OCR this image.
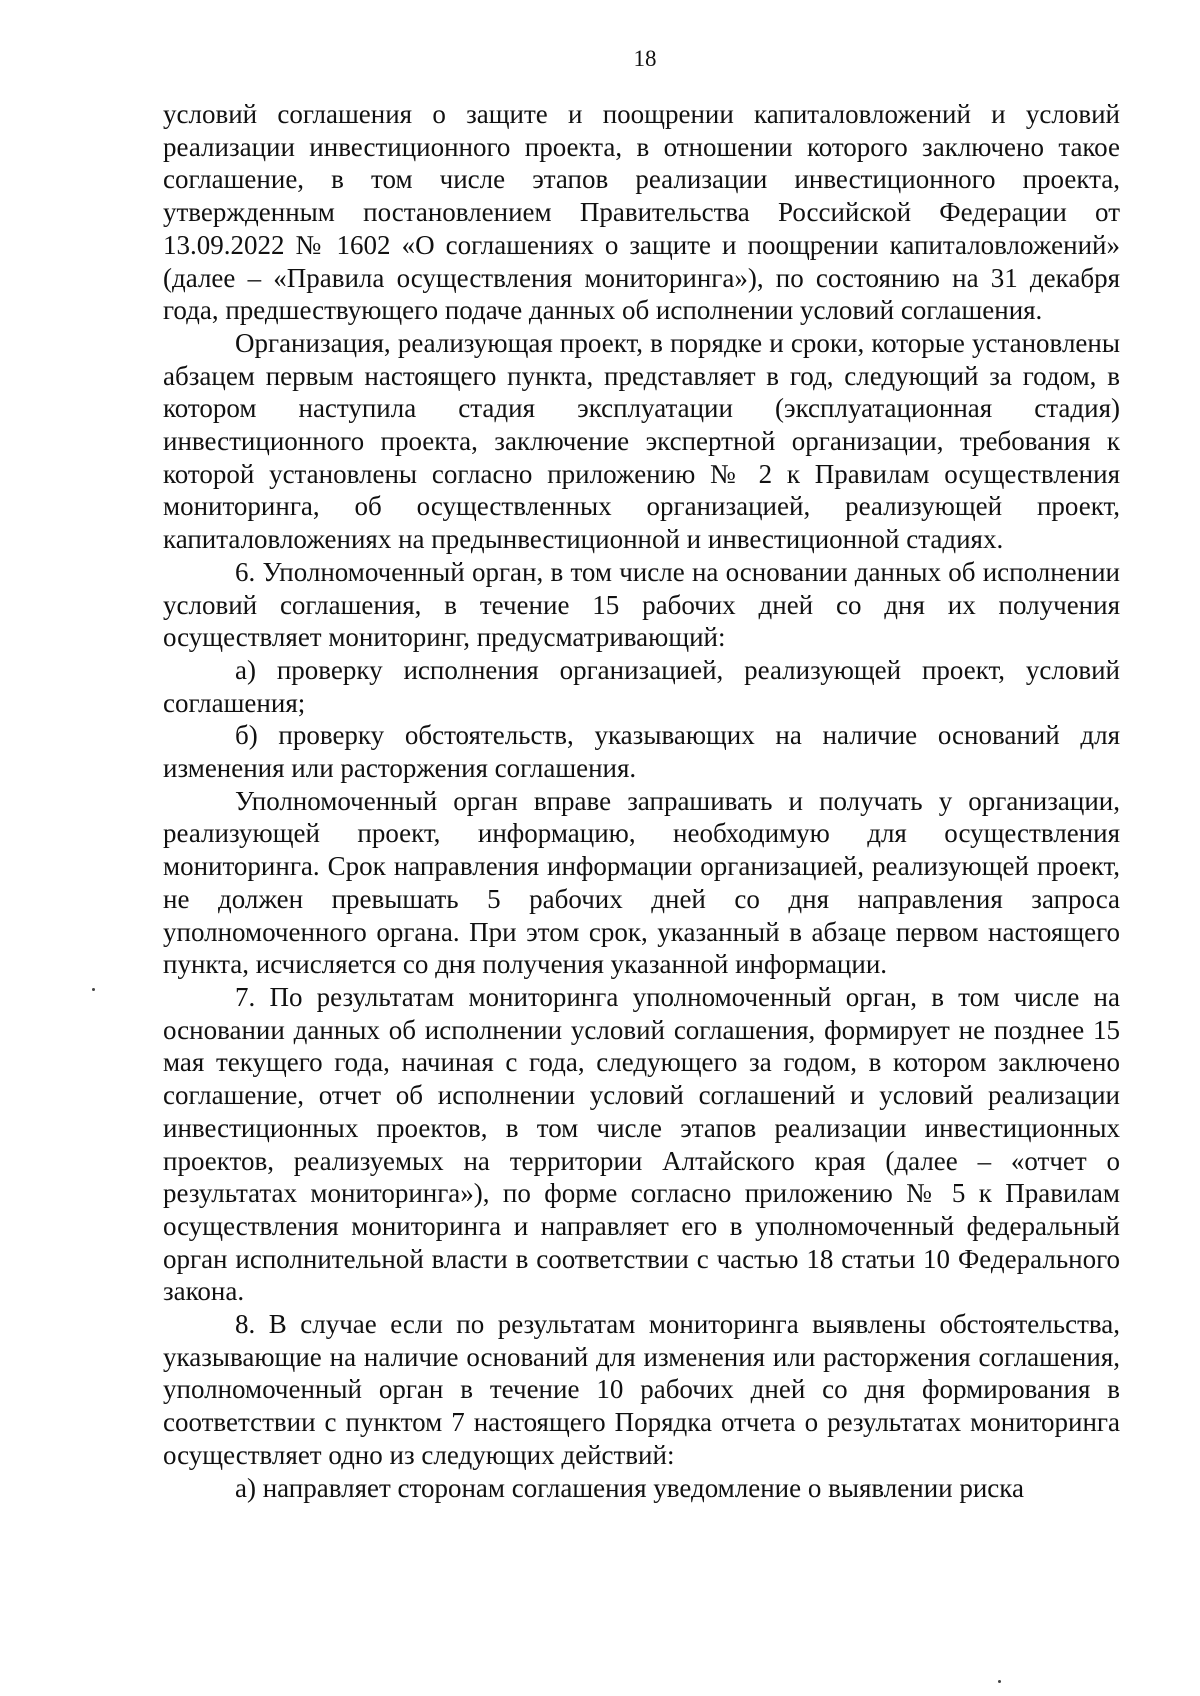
18

условий соглашения о защите и поощрении капиталовложений и условий реализации инвестиционного проекта, в отношении которого заключено такое соглашение, в том числе этапов реализации инвестиционного проекта, утвержденным постановлением Правительства Российской Федерации от 13.09.2022 № 1602 «О соглашениях о защите и поощрении капиталовложений» (далее – «Правила осуществления мониторинга»), по состоянию на 31 декабря года, предшествующего подаче данных об исполнении условий соглашения.

Организация, реализующая проект, в порядке и сроки, которые установлены абзацем первым настоящего пункта, представляет в год, следующий за годом, в котором наступила стадия эксплуатации (эксплуатационная стадия) инвестиционного проекта, заключение экспертной организации, требования к которой установлены согласно приложению № 2 к Правилам осуществления мониторинга, об осуществленных организацией, реализующей проект, капиталовложениях на предынвестиционной и инвестиционной стадиях.

6. Уполномоченный орган, в том числе на основании данных об исполнении условий соглашения, в течение 15 рабочих дней со дня их получения осуществляет мониторинг, предусматривающий:

а) проверку исполнения организацией, реализующей проект, условий соглашения;

б) проверку обстоятельств, указывающих на наличие оснований для изменения или расторжения соглашения.

Уполномоченный орган вправе запрашивать и получать у организации, реализующей проект, информацию, необходимую для осуществления мониторинга. Срок направления информации организацией, реализующей проект, не должен превышать 5 рабочих дней со дня направления запроса уполномоченного органа. При этом срок, указанный в абзаце первом настоящего пункта, исчисляется со дня получения указанной информации.

7. По результатам мониторинга уполномоченный орган, в том числе на основании данных об исполнении условий соглашения, формирует не позднее 15 мая текущего года, начиная с года, следующего за годом, в котором заключено соглашение, отчет об исполнении условий соглашений и условий реализации инвестиционных проектов, в том числе этапов реализации инвестиционных проектов, реализуемых на территории Алтайского края (далее – «отчет о результатах мониторинга»), по форме согласно приложению № 5 к Правилам осуществления мониторинга и направляет его в уполномоченный федеральный орган исполнительной власти в соответствии с частью 18 статьи 10 Федерального закона.

8. В случае если по результатам мониторинга выявлены обстоятельства, указывающие на наличие оснований для изменения или расторжения соглашения, уполномоченный орган в течение 10 рабочих дней со дня формирования в соответствии с пунктом 7 настоящего Порядка отчета о результатах мониторинга осуществляет одно из следующих действий:

а) направляет сторонам соглашения уведомление о выявлении риска
